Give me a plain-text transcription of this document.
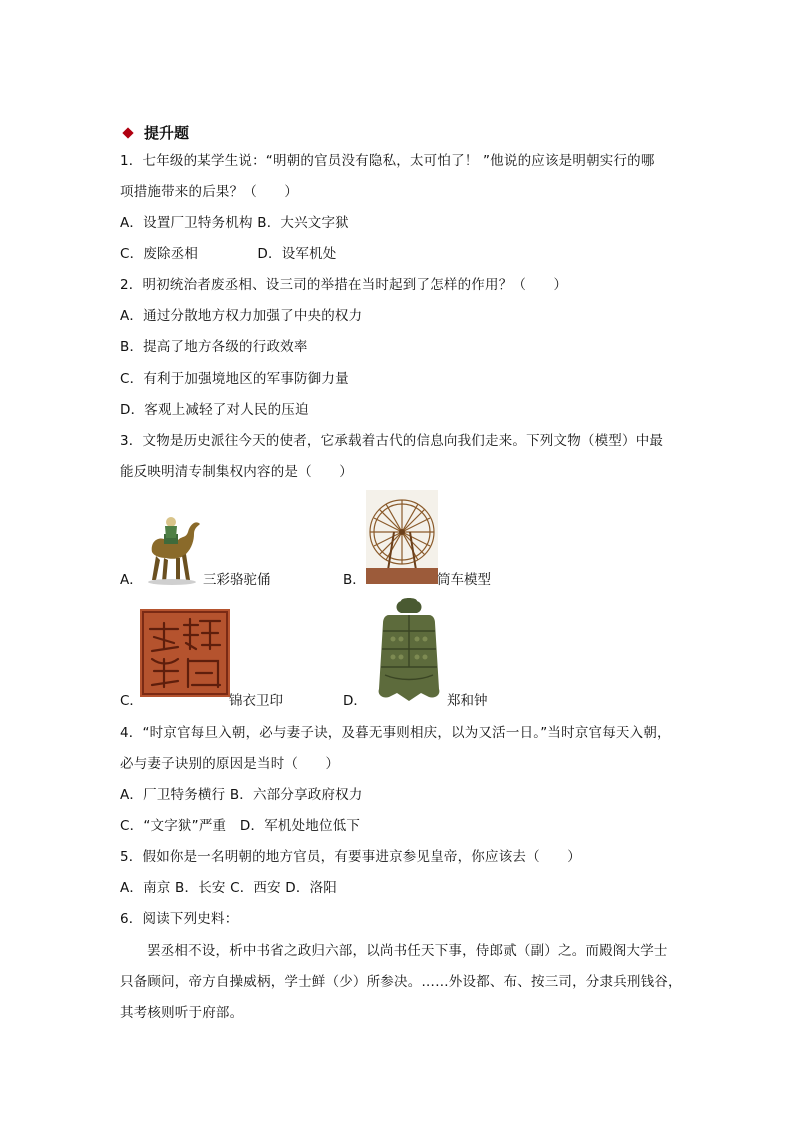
提升题
1．七年级的某学生说：“明朝的官员没有隐私，太可怕了！ ”他说的应该是明朝实行的哪
项措施带来的后果？（　　）
A．设置厂卫特务机构 B．大兴文字狱
C．废除丞相　　　　 D．设军机处
2．明初统治者废丞相、设三司的举措在当时起到了怎样的作用？（　　）
A．通过分散地方权力加强了中央的权力
B．提高了地方各级的行政效率
C．有利于加强境地区的军事防御力量
D．客观上减轻了对人民的压迫
3．文物是历史派往今天的使者，它承载着古代的信息向我们走来。下列文物（模型）中最
能反映明清专制集权内容的是（　　）
A．	三彩骆驼俑	B．	筒车模型
C．	锦衣卫印	D．	郑和钟
4．“时京官每旦入朝，必与妻子诀，及暮无事则相庆，以为又活一日。”当时京官每天入朝，
必与妻子诀别的原因是当时（　　）
A．厂卫特务横行 B．六部分享政府权力
C．“文字狱”严重　D．军机处地位低下
5．假如你是一名明朝的地方官员，有要事进京参见皇帝，你应该去（　　）
A．南京 B．长安 C．西安 D．洛阳
6．阅读下列史料：
罢丞相不设，析中书省之政归六部，以尚书任天下事，侍郎贰（副）之。而殿阁大学士
只备顾问，帝方自操威柄，学士鲜（少）所参决。……外设都、布、按三司，分隶兵刑钱谷，
其考核则听于府部。
